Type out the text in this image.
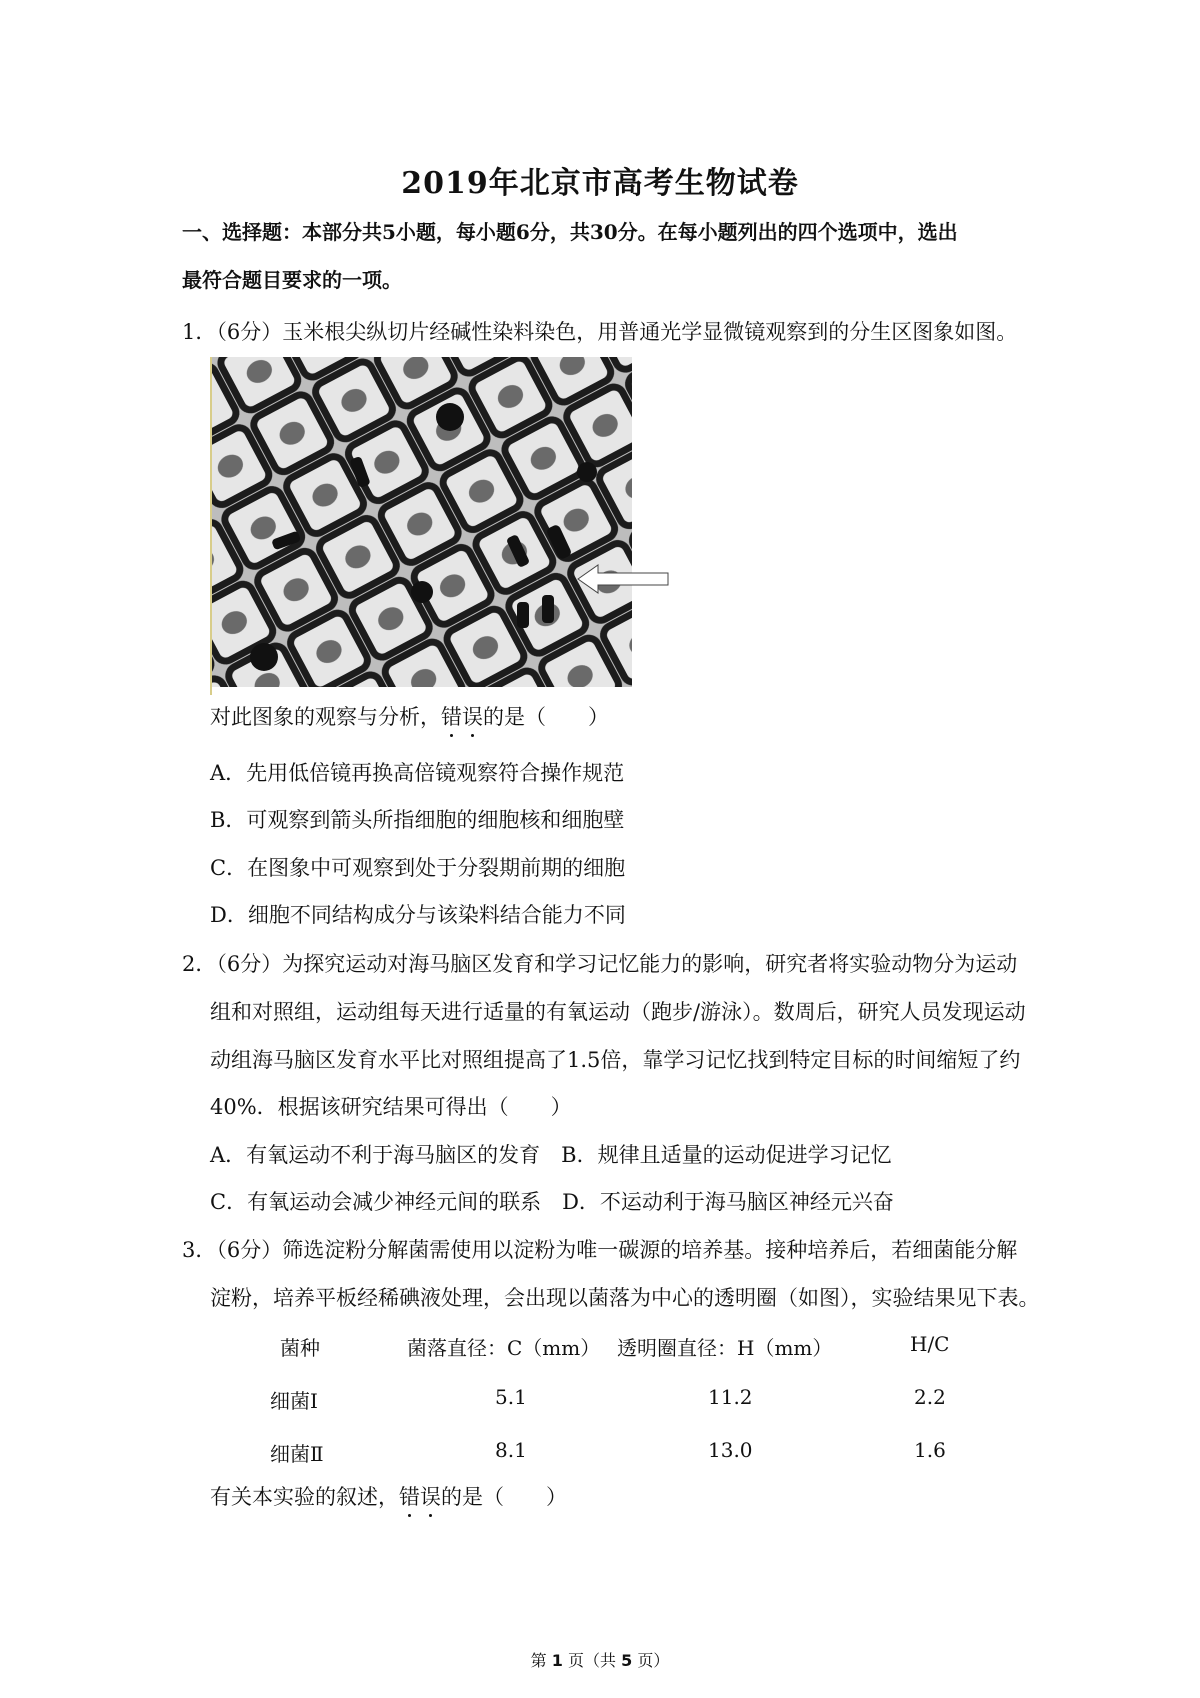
2019年北京市高考生物试卷
一、选择题：本部分共5小题，每小题6分，共30分。在每小题列出的四个选项中，选出
最符合题目要求的一项。
1．（6分）玉米根尖纵切片经碱性染料染色，用普通光学显微镜观察到的分生区图象如图。
对此图象的观察与分析，错误的是（　　）
A．先用低倍镜再换高倍镜观察符合操作规范
B．可观察到箭头所指细胞的细胞核和细胞壁
C．在图象中可观察到处于分裂期前期的细胞
D．细胞不同结构成分与该染料结合能力不同
2．（6分）为探究运动对海马脑区发育和学习记忆能力的影响，研究者将实验动物分为运动
组和对照组，运动组每天进行适量的有氧运动（跑步/游泳）。数周后，研究人员发现运动
动组海马脑区发育水平比对照组提高了1.5倍，靠学习记忆找到特定目标的时间缩短了约
40%．根据该研究结果可得出（　　）
A．有氧运动不利于海马脑区的发育　B．规律且适量的运动促进学习记忆
C．有氧运动会减少神经元间的联系　D．不运动利于海马脑区神经元兴奋
3．（6分）筛选淀粉分解菌需使用以淀粉为唯一碳源的培养基。接种培养后，若细菌能分解
淀粉，培养平板经稀碘液处理，会出现以菌落为中心的透明圈（如图），实验结果见下表。
菌种	菌落直径：C（mm） 透明圈直径：H（mm）	H/C
细菌Ⅰ	5.1	11.2	2.2
细菌Ⅱ	8.1	13.0	1.6
有关本实验的叙述，错误的是（　　）
第 1 页（共 5 页）
